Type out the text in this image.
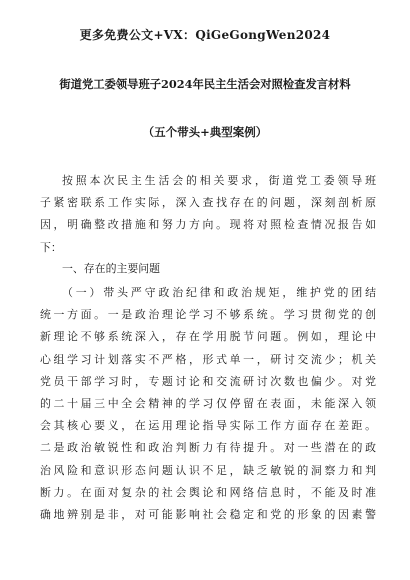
更多免费公文+VX：QiGeGongWen2024
街道党工委领导班子2024年民主生活会对照检查发言材料
（五个带头+典型案例）
按照本次民主生活会的相关要求，街道党工委领导班
子紧密联系工作实际，深入查找存在的问题，深刻剖析原
因，明确整改措施和努力方向。现将对照检查情况报告如
下：
一、存在的主要问题
（一）带头严守政治纪律和政治规矩，维护党的团结
统一方面。一是政治理论学习不够系统。学习贯彻党的创
新理论不够系统深入，存在学用脱节问题。例如，理论中
心组学习计划落实不严格，形式单一，研讨交流少；机关
党员干部学习时，专题讨论和交流研讨次数也偏少。对党
的二十届三中全会精神的学习仅停留在表面，未能深入领
会其核心要义，在运用理论指导实际工作方面存在差距。
二是政治敏锐性和政治判断力有待提升。对一些潜在的政
治风险和意识形态问题认识不足，缺乏敏锐的洞察力和判
断力。在面对复杂的社会舆论和网络信息时，不能及时准
确地辨别是非，对可能影响社会稳定和党的形象的因素警
